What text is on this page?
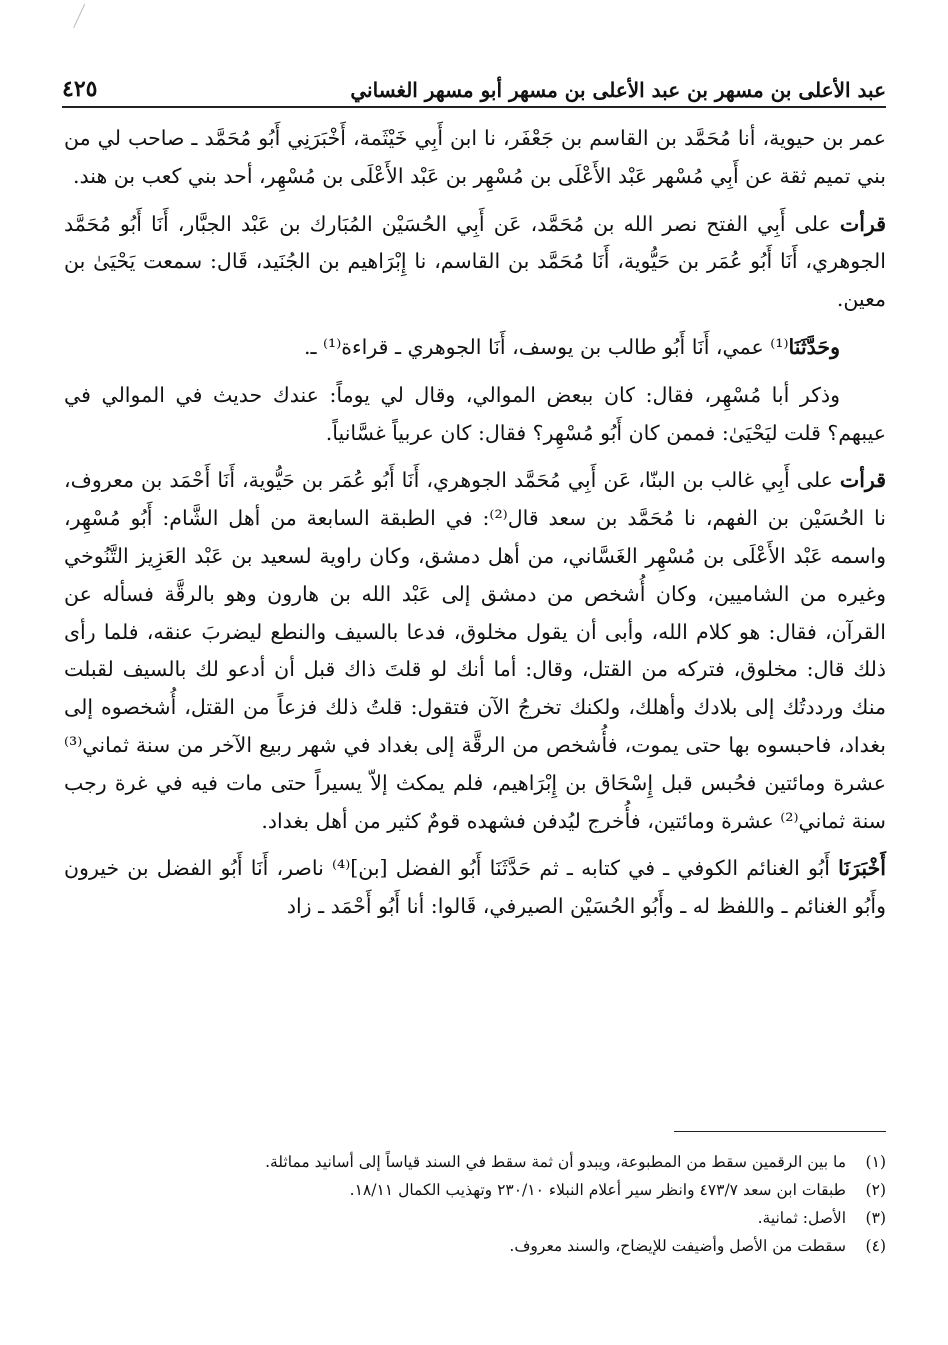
عبد الأعلى بن مسهر بن عبد الأعلى بن مسهر أبو مسهر الغساني
٤٢٥

عمر بن حيوية، أنا مُحَمَّد بن القاسم بن جَعْفَر، نا ابن أَبِي خَيْثَمة، أَخْبَرَنِي أَبُو مُحَمَّد ـ صاحب لي من بني تميم ثقة عن أَبِي مُسْهر عَبْد الأَعْلَى بن مُسْهِر بن عَبْد الأَعْلَى بن مُسْهِر، أحد بني كعب بن هند.

قرأت على أَبِي الفتح نصر الله بن مُحَمَّد، عَن أَبِي الحُسَيْن المُبَارك بن عَبْد الجبَّار، أَنَا أَبُو مُحَمَّد الجوهري، أَنَا أَبُو عُمَر بن حَيُّوية، أَنَا مُحَمَّد بن القاسم، نا إِبْرَاهيم بن الجُنَيد، قَال: سمعت يَحْيَىٰ بن معين.

وحَدَّثَنَا⁽¹⁾ عمي، أَنَا أَبُو طالب بن يوسف، أَنَا الجوهري ـ قراءة⁽¹⁾ ـ.

وذكر أبا مُسْهِر، فقال: كان ببعض الموالي، وقال لي يوماً: عندك حديث في الموالي في عيبهم؟ قلت ليَحْيَىٰ: فممن كان أَبُو مُسْهِر؟ فقال: كان عربياً غسَّانياً.

قرأت على أَبِي غالب بن البنّا، عَن أَبِي مُحَمَّد الجوهري، أَنَا أَبُو عُمَر بن حَيُّوية، أَنَا أَحْمَد بن معروف، نا الحُسَيْن بن الفهم، نا مُحَمَّد بن سعد قال⁽²⁾: في الطبقة السابعة من أهل الشَّام: أَبُو مُسْهِر، واسمه عَبْد الأَعْلَى بن مُسْهِر الغَسَّاني، من أهل دمشق، وكان راوية لسعيد بن عَبْد العَزِيز التَّنُوخي وغيره من الشاميين، وكان أُشخص من دمشق إلى عَبْد الله بن هارون وهو بالرقَّة فسأله عن القرآن، فقال: هو كلام الله، وأبى أن يقول مخلوق، فدعا بالسيف والنطع ليضربَ عنقه، فلما رأى ذلك قال: مخلوق، فتركه من القتل، وقال: أما أنك لو قلتَ ذاك قبل أن أدعو لك بالسيف لقبلت منك ورددتُك إلى بلادك وأهلك، ولكنك تخرجُ الآن فتقول: قلتُ ذلك فزعاً من القتل، أُشخصوه إلى بغداد، فاحبسوه بها حتى يموت، فأُشخص من الرقَّة إلى بغداد في شهر ربيع الآخر من سنة ثماني⁽³⁾ عشرة ومائتين فحُبس قبل إِسْحَاق بن إِبْرَاهيم، فلم يمكث إلاّ يسيراً حتى مات فيه في غرة رجب سنة ثماني⁽²⁾ عشرة ومائتين، فأُخرج ليُدفن فشهده قومٌ كثير من أهل بغداد.

أَخْبَرَنَا أَبُو الغنائم الكوفي ـ في كتابه ـ ثم حَدَّثَنَا أَبُو الفضل [بن]⁽⁴⁾ ناصر، أَنَا أَبُو الفضل بن خيرون وأَبُو الغنائم ـ واللفظ له ـ وأَبُو الحُسَيْن الصيرفي، قَالوا: أنا أَبُو أَحْمَد ـ زاد

(١)
ما بين الرقمين سقط من المطبوعة، ويبدو أن ثمة سقط في السند قياساً إلى أسانيد مماثلة.
(٢)
طبقات ابن سعد ٤٧٣/٧ وانظر سير أعلام النبلاء ٢٣٠/١٠ وتهذيب الكمال ١٨/١١.
(٣)
الأصل: ثمانية.
(٤)
سقطت من الأصل وأضيفت للإيضاح، والسند معروف.
